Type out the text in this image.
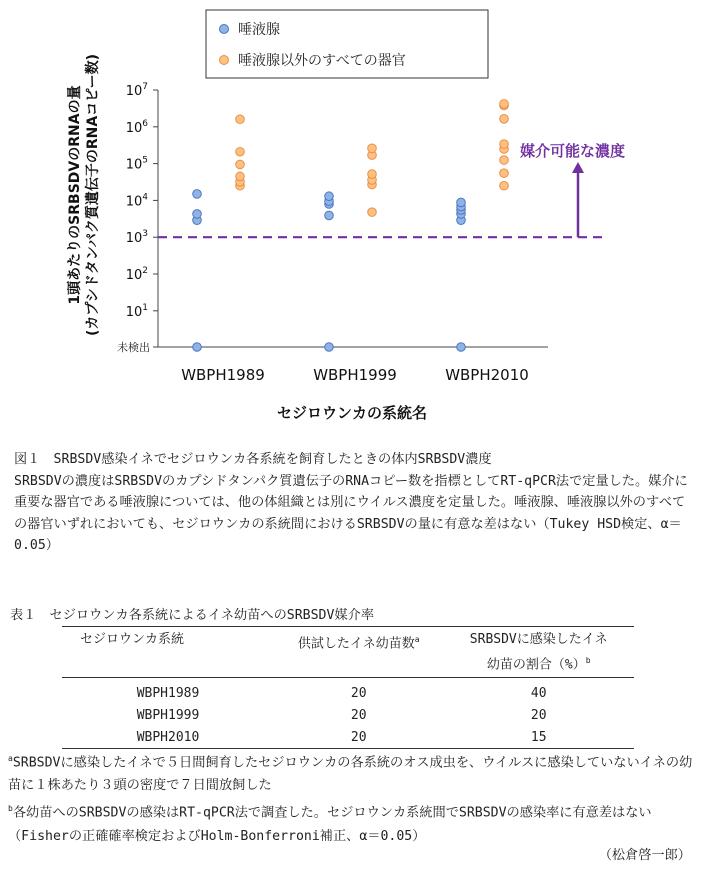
唾液腺
唾液腺以外のすべての器官
1頭あたりのSRBSDVのRNAの量 (カプシドタンパク質遺伝子のRNAコピー数) $10^7$
$10^6$
$10^5$
$10^4$
$10^3$
$10^2$
$10^1$
未検出
媒介可能な濃度
WBPH1989	WBPH1999	WBPH2010
セジロウンカの系統名

図１　SRBSDV感染イネでセジロウンカ各系統を飼育したときの体内SRBSDV濃度

SRBSDVの濃度はSRBSDVのカプシドタンパク質遺伝子のRNAコピー数を指標としてRT-qPCR法で定量した。媒介に重要な器官である唾液腺については、他の体組織とは別にウイルス濃度を定量した。唾液腺、唾液腺以外のすべての器官いずれにおいても、セジロウンカの系統間におけるSRBSDVの量に有意な差はない（Tukey HSD検定、α＝0.05）

表１　セジロウンカ各系統によるイネ幼苗へのSRBSDV媒介率
セジロウンカ系統	供試したイネ幼苗数$^a$	SRBSDVに感染したイネ
幼苗の割合（%）$^b$
WBPH1989	20	40
WBPH1999	20	20
WBPH2010	20	15

$^a$SRBSDVに感染したイネで５日間飼育したセジロウンカの各系統のオス成虫を、ウイルスに感染していないイネの幼苗に１株あたり３頭の密度で７日間放飼した

$^b$各幼苗へのSRBSDVの感染はRT-qPCR法で調査した。セジロウンカ系統間でSRBSDVの感染率に有意差はない（Fisherの正確確率検定およびHolm-Bonferroni補正、α＝0.05）

（松倉啓一郎）
